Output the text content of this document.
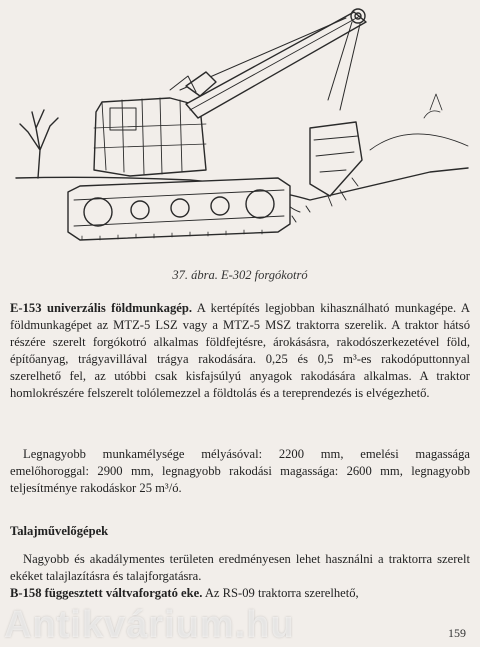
37. ábra. E-302 forgókotró

E-153 univerzális földmunkagép. A kertépítés legjobban kihasználható munkagépe. A földmunkagépet az MTZ-5 LSZ vagy a MTZ-5 MSZ traktorra szerelik. A traktor hátsó részére szerelt forgókotró alkalmas földfejtésre, árokásásra, rakodószerkezetével föld, építőanyag, trágyavillával trágya rakodására. 0,25 és 0,5 m³-es rakodóputtonnyal szerelhető fel, az utóbbi csak kisfajsúlyú anyagok rakodására alkalmas. A traktor homlokrészére felszerelt tolólemezzel a földtolás és a tereprendezés is elvégezhető.

Legnagyobb munkamélysége mélyásóval: 2200 mm, emelési magassága emelőhoroggal: 2900 mm, legnagyobb rakodási magassága: 2600 mm, legnagyobb teljesítménye rakodáskor 25 m³/ó.

Talajművelőgépek

Nagyobb és akadálymentes területen eredményesen lehet használni a traktorra szerelt ekéket talajlazításra és talajforgatásra.

B-158 függesztett váltvaforgató eke. Az RS-09 traktorra szerelhető,

Antikvárium.hu	159
